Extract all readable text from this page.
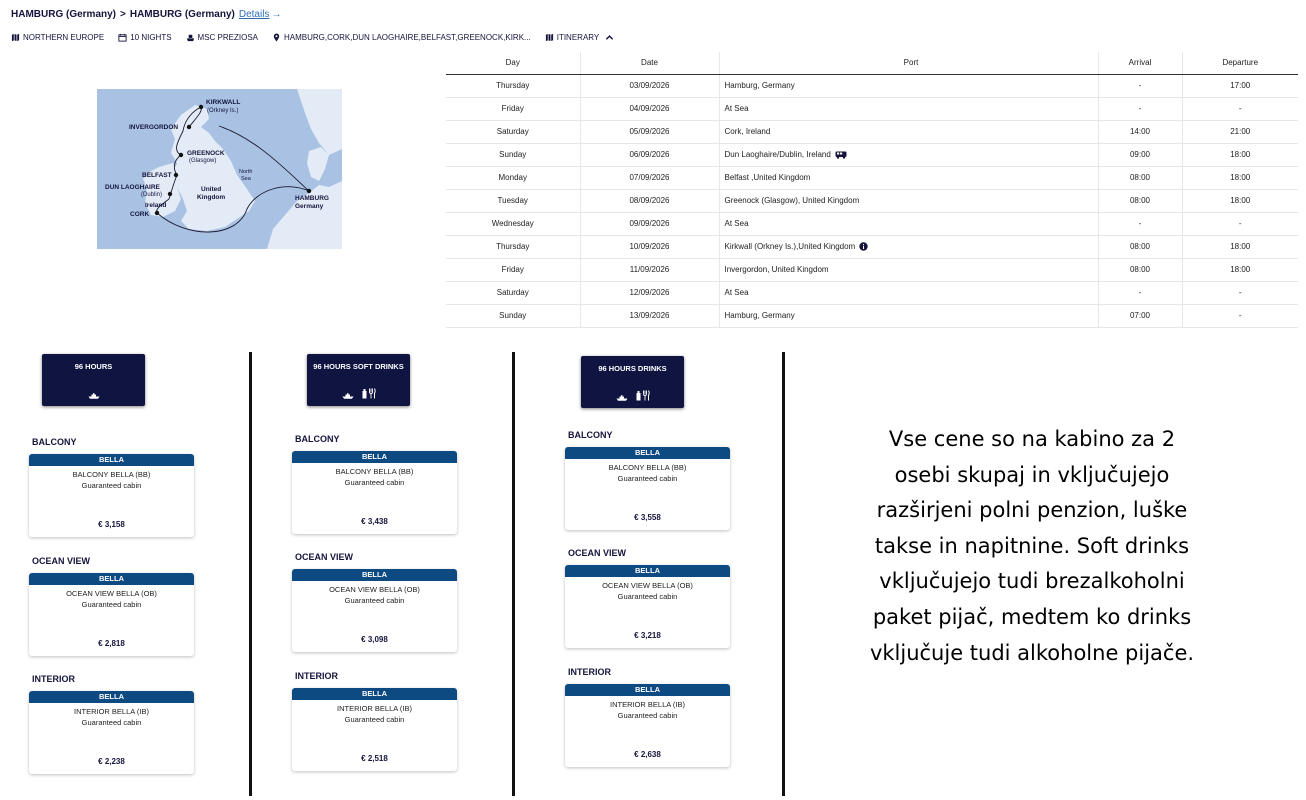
HAMBURG (Germany) > HAMBURG (Germany) Details →
NORTHERN EUROPE	10 NIGHTS	MSC PREZIOSA	HAMBURG,CORK,DUN LAOGHAIRE,BELFAST,GREENOCK,KIRK...	ITINERARY
KIRKWALL
(Orkney Is.)
INVERGORDON
GREENOCK
(Glasgow)
BELFAST
DUN LAOGHAIRE
(Dublin)
Ireland
CORK
United
Kingdom
North
Sea
HAMBURG
Germany
Day	Date	Port	Arrival	Departure
Thursday	03/09/2026	Hamburg, Germany	-	17:00
Friday	04/09/2026	At Sea	-	-
Saturday	05/09/2026	Cork, Ireland	14:00	21:00
Sunday	06/09/2026	Dun Laoghaire/Dublin, Ireland	09:00	18:00
Monday	07/09/2026	Belfast ,United Kingdom	08:00	18:00
Tuesday	08/09/2026	Greenock (Glasgow), United Kingdom	08:00	18:00
Wednesday	09/09/2026	At Sea	-	-
Thursday	10/09/2026	Kirkwall (Orkney Is.),United Kingdom	08:00	18:00
Friday	11/09/2026	Invergordon, United Kingdom	08:00	18:00
Saturday	12/09/2026	At Sea	-	-
Sunday	13/09/2026	Hamburg, Germany	07:00	-
96 HOURS
BALCONY
BELLA
BALCONY BELLA (BB)
Guaranteed cabin
€ 3,158
OCEAN VIEW
BELLA
OCEAN VIEW BELLA (OB)
Guaranteed cabin
€ 2,818
INTERIOR
BELLA
INTERIOR BELLA (IB)
Guaranteed cabin
€ 2,238
96 HOURS SOFT DRINKS
BALCONY
BELLA
BALCONY BELLA (BB)
Guaranteed cabin
€ 3,438
OCEAN VIEW
BELLA
OCEAN VIEW BELLA (OB)
Guaranteed cabin
€ 3,098
INTERIOR
BELLA
INTERIOR BELLA (IB)
Guaranteed cabin
€ 2,518
96 HOURS DRINKS
BALCONY
BELLA
BALCONY BELLA (BB)
Guaranteed cabin
€ 3,558
OCEAN VIEW
BELLA
OCEAN VIEW BELLA (OB)
Guaranteed cabin
€ 3,218
INTERIOR
BELLA
INTERIOR BELLA (IB)
Guaranteed cabin
€ 2,638
Vse cene so na kabino za 2
osebi skupaj in vključujejo
razširjeni polni penzion, luške
takse in napitnine. Soft drinks
vključujejo tudi brezalkoholni
paket pijač, medtem ko drinks
vključuje tudi alkoholne pijače.
